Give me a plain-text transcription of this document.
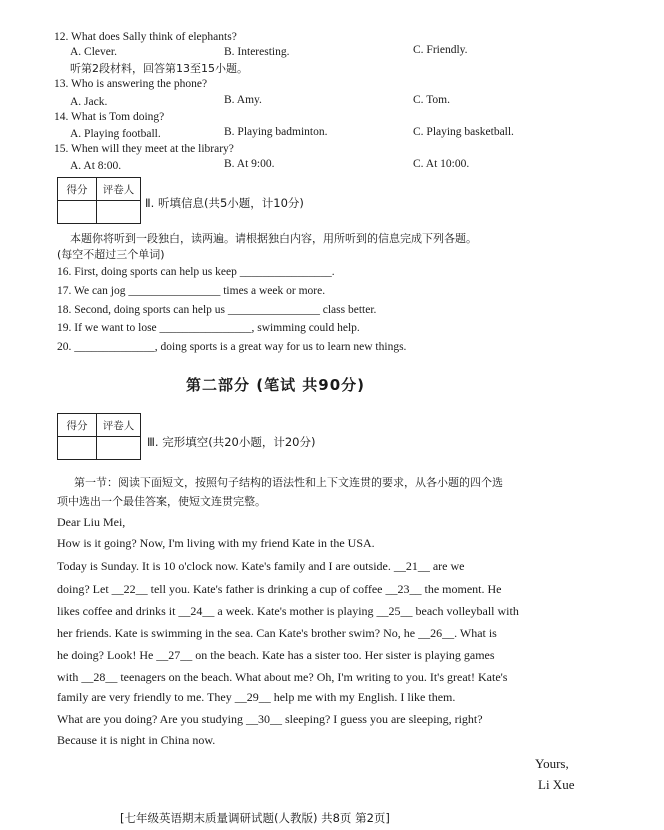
12. What does Sally think of elephants?
A. Clever.	B. Interesting.	C. Friendly.
听第2段材料，回答第13至15小题。
13. Who is answering the phone?
A. Jack.	B. Amy.	C. Tom.
14. What is Tom doing?
A. Playing football.	B. Playing badminton.	C. Playing basketball.
15. When will they meet at the library?
A. At 8:00.	B. At 9:00.	C. At 10:00.
得分	评卷人

Ⅱ. 听填信息(共5小题，计10分)
本题你将听到一段独白，读两遍。请根据独白内容，用所听到的信息完成下列各题。
(每空不超过三个单词)
16. First, doing sports can help us keep ________________.
17. We can jog ________________ times a week or more.
18. Second, doing sports can help us ________________ class better.
19. If we want to lose ________________, swimming could help.
20. ______________, doing sports is a great way for us to learn new things.
第二部分 (笔试 共90分)
得分	评卷人

Ⅲ. 完形填空(共20小题，计20分)
第一节：阅读下面短文，按照句子结构的语法性和上下文连贯的要求，从各小题的四个选
项中选出一个最佳答案，使短文连贯完整。
Dear Liu Mei,
How is it going? Now, I'm living with my friend Kate in the USA.
Today is Sunday. It is 10 o'clock now. Kate's family and I are outside. __21__ are we
doing? Let __22__ tell you. Kate's father is drinking a cup of coffee __23__ the moment. He
likes coffee and drinks it __24__ a week. Kate's mother is playing __25__ beach volleyball with
her friends. Kate is swimming in the sea. Can Kate's brother swim? No, he __26__. What is
he doing? Look! He __27__ on the beach. Kate has a sister too. Her sister is playing games
with __28__ teenagers on the beach. What about me? Oh, I'm writing to you. It's great! Kate's
family are very friendly to me. They __29__ help me with my English. I like them.
What are you doing? Are you studying __30__ sleeping? I guess you are sleeping, right?
Because it is night in China now.
Yours,
Li Xue
[七年级英语期末质量调研试题(人教版) 共8页 第2页]
